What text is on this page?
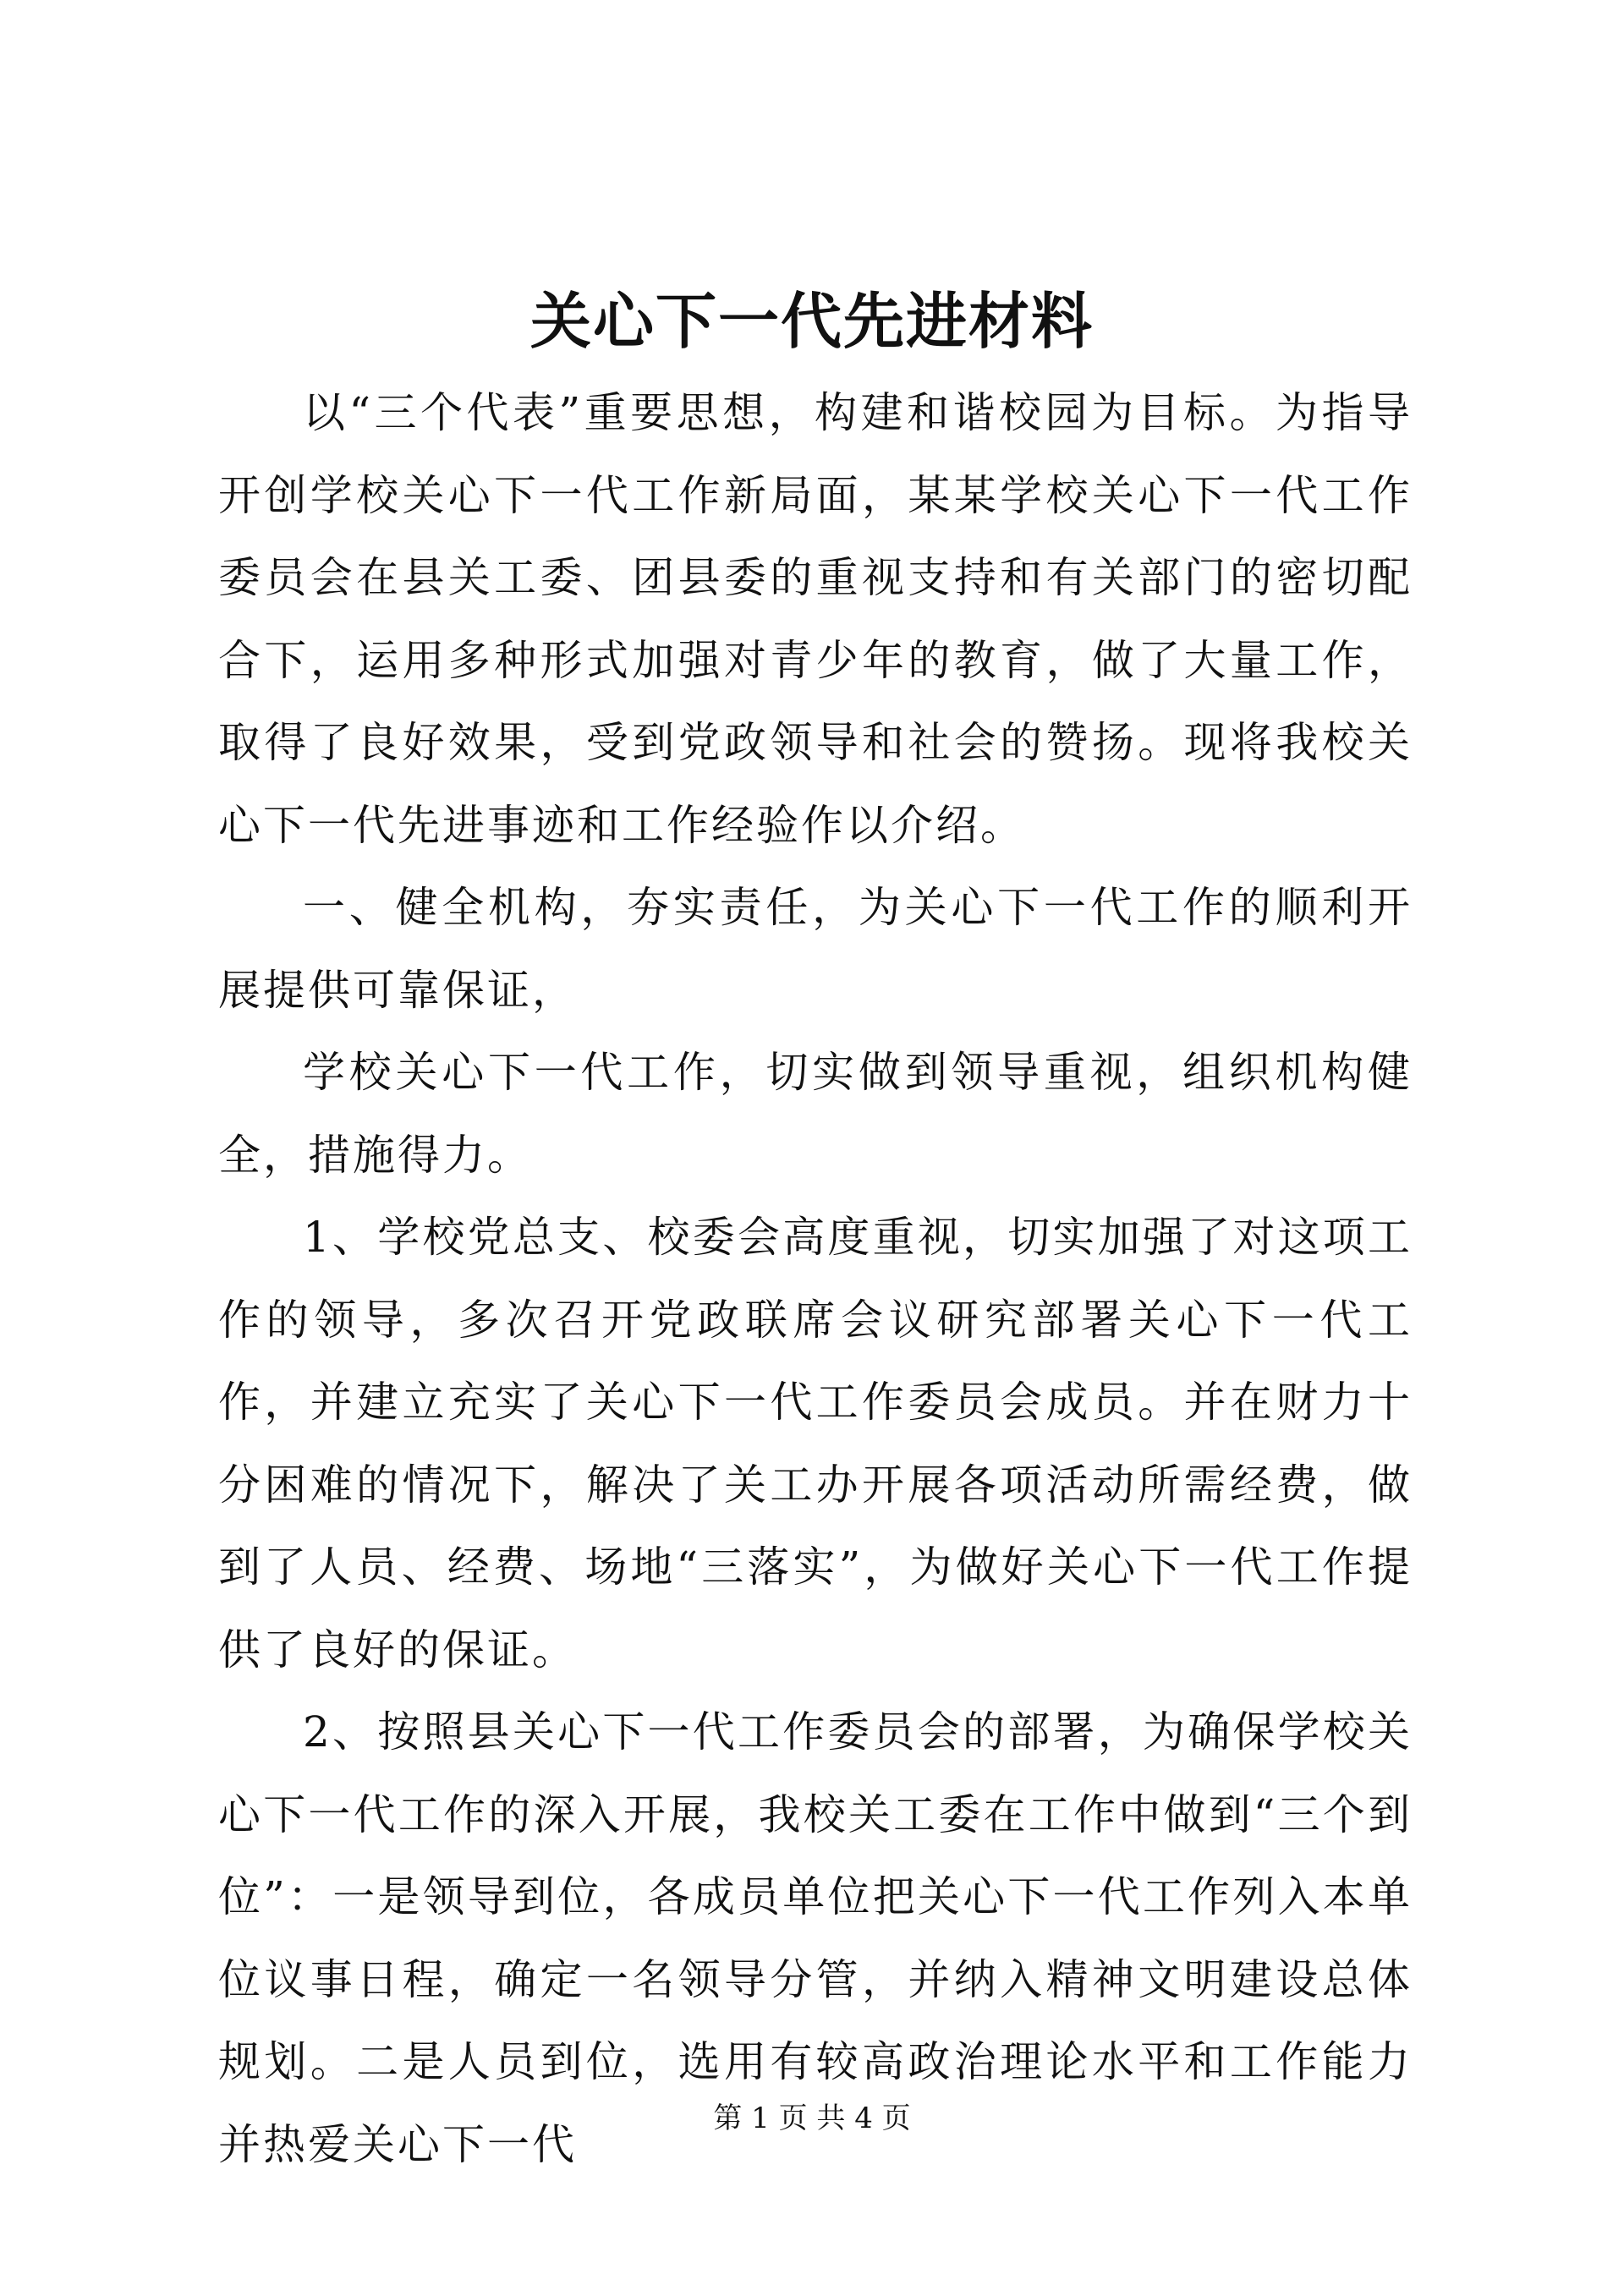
关心下一代先进材料

以“三个代表”重要思想，构建和谐校园为目标。为指导开创学校关心下一代工作新局面，某某学校关心下一代工作委员会在县关工委、团县委的重视支持和有关部门的密切配合下，运用多种形式加强对青少年的教育，做了大量工作，取得了良好效果，受到党政领导和社会的赞扬。现将我校关心下一代先进事迹和工作经验作以介绍。

一、健全机构，夯实责任，为关心下一代工作的顺利开展提供可靠保证，

学校关心下一代工作，切实做到领导重视，组织机构健全，措施得力。

1、学校党总支、校委会高度重视，切实加强了对这项工作的领导，多次召开党政联席会议研究部署关心下一代工作，并建立充实了关心下一代工作委员会成员。并在财力十分困难的情况下，解决了关工办开展各项活动所需经费，做到了人员、经费、场地“三落实”，为做好关心下一代工作提供了良好的保证。

2、按照县关心下一代工作委员会的部署，为确保学校关心下一代工作的深入开展，我校关工委在工作中做到“三个到位”：一是领导到位，各成员单位把关心下一代工作列入本单位议事日程，确定一名领导分管，并纳入精神文明建设总体规划。二是人员到位，选用有较高政治理论水平和工作能力并热爱关心下一代

第 1 页 共 4 页
